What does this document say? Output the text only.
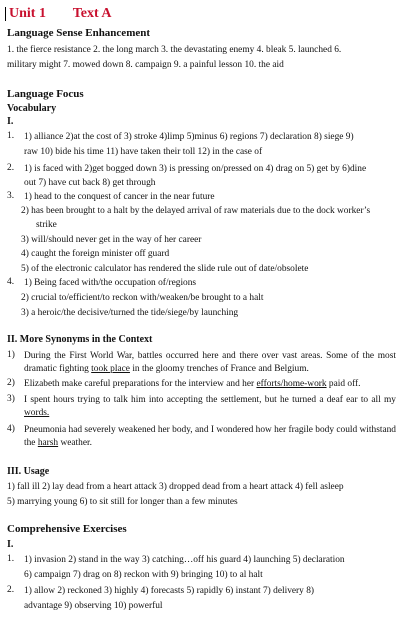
Unit 1 Text A
Language Sense Enhancement
1. the fierce resistance 2. the long march 3. the devastating enemy 4. bleak 5. launched 6.
military might 7. mowed down 8. campaign 9. a painful lesson 10. the aid
Language Focus
Vocabulary
I.
1. 1) alliance 2)at the cost of 3) stroke 4)limp 5)minus 6) regions 7) declaration 8) siege 9)
raw 10) bide his time 11) have taken their toll 12) in the case of
2. 1) is faced with 2)get bogged down 3) is pressing on/pressed on 4) drag on 5) get by 6)dine
out 7) have cut back 8) get through
3. 1) head to the conquest of cancer in the near future
2) has been brought to a halt by the delayed arrival of raw materials due to the dock worker’s
strike
3) will/should never get in the way of her career
4) caught the foreign minister off guard
5) of the electronic calculator has rendered the slide rule out of date/obsolete
4. 1) Being faced with/the occupation of/regions
2) crucial to/efficient/to reckon with/weaken/be brought to a halt
3) a heroic/the decisive/turned the tide/siege/by launching
II. More Synonyms in the Context
1) During the First World War, battles occurred here and there over vast areas. Some of the most dramatic fighting took place in the gloomy trenches of France and Belgium.
2) Elizabeth make careful preparations for the interview and her efforts/home-work paid off.
3) I spent hours trying to talk him into accepting the settlement, but he turned a deaf ear to all my words.
4) Pneumonia had severely weakened her body, and I wondered how her fragile body could withstand the harsh weather.
III. Usage
1) fall ill 2) lay dead from a heart attack 3) dropped dead from a heart attack 4) fell asleep
5) marrying young 6) to sit still for longer than a few minutes
Comprehensive Exercises
I.
1. 1) invasion 2) stand in the way 3) catching…off his guard 4) launching 5) declaration
6) campaign 7) drag on 8) reckon with 9) bringing 10) to al halt
2. 1) allow 2) reckoned 3) highly 4) forecasts 5) rapidly 6) instant 7) delivery 8)
advantage 9) observing 10) powerful
